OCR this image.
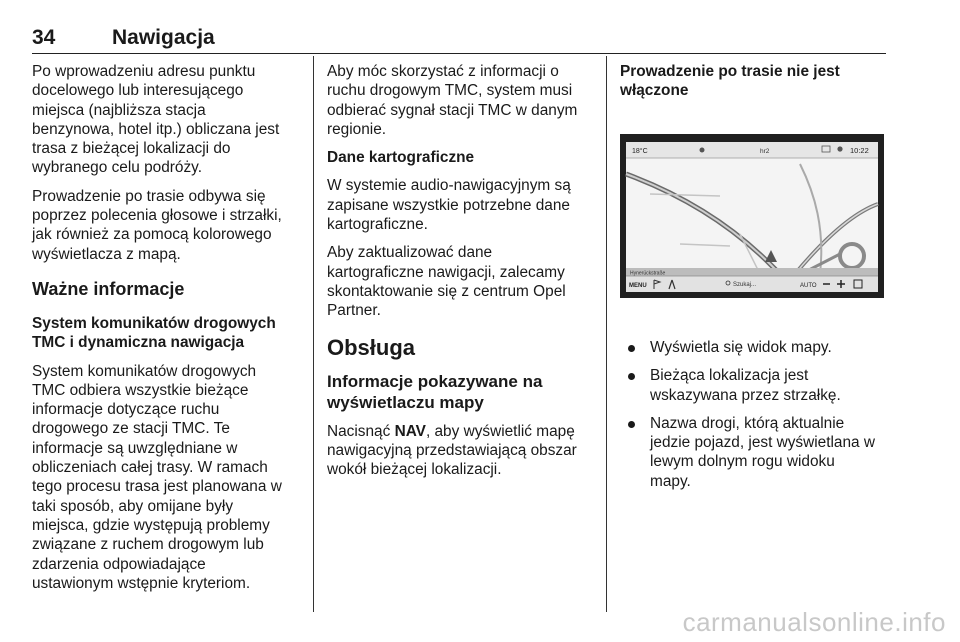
34	Nawigacja

Po wprowadzeniu adresu punktu
docelowego lub interesującego
miejsca (najbliższa stacja
benzynowa, hotel itp.) obliczana jest
trasa z bieżącej lokalizacji do
wybranego celu podróży.

Prowadzenie po trasie odbywa się
poprzez polecenia głosowe i strzałki,
jak również za pomocą kolorowego
wyświetlacza z mapą.

Ważne informacje

System komunikatów drogowych
TMC i dynamiczna nawigacja

System komunikatów drogowych
TMC odbiera wszystkie bieżące
informacje dotyczące ruchu
drogowego ze stacji TMC. Te
informacje są uwzględniane w
obliczeniach całej trasy. W ramach
tego procesu trasa jest planowana w
taki sposób, aby omijane były
miejsca, gdzie występują problemy
związane z ruchem drogowym lub
zdarzenia odpowiadające
ustawionym wstępnie kryteriom.

Aby móc skorzystać z informacji o
ruchu drogowym TMC, system musi
odbierać sygnał stacji TMC w danym
regionie.

Dane kartograficzne

W systemie audio-nawigacyjnym są
zapisane wszystkie potrzebne dane
kartograficzne.

Aby zaktualizować dane
kartograficzne nawigacji, zalecamy
skontaktowanie się z centrum Opel
Partner.

Obsługa

Informacje pokazywane na
wyświetlaczu mapy

Nacisnąć NAV, aby wyświetlić mapę
nawigacyjną przedstawiającą obszar
wokół bieżącej lokalizacji.

Prowadzenie po trasie nie jest
włączone

18°C	hr2	10:22
Hynerückstraße
MENU	Szukaj...	AUTO
Wyświetla się widok mapy.
Bieżąca lokalizacja jest
wskazywana przez strzałkę.
Nazwa drogi, którą aktualnie
jedzie pojazd, jest wyświetlana w
lewym dolnym rogu widoku
mapy.
carmanualsonline.info
